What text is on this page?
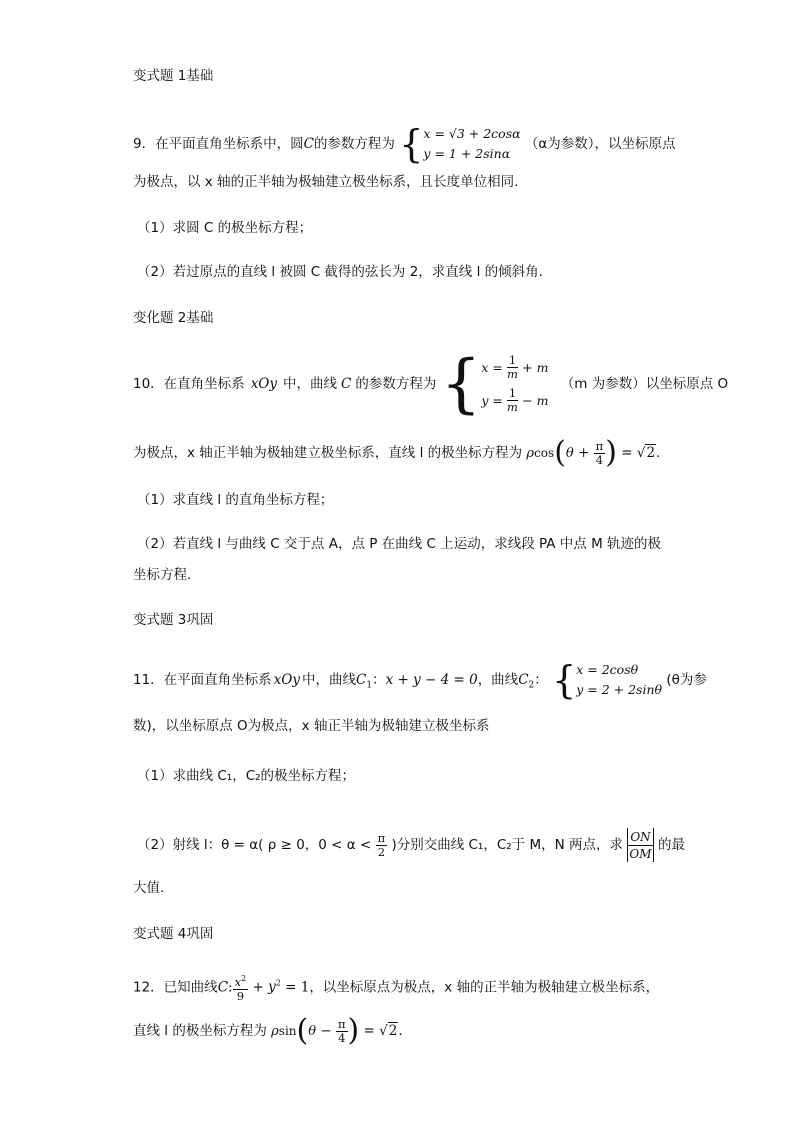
变式题 1基础
9．在平面直角坐标系中，圆C的参数方程为 { x = √3 + 2cosα
y = 1 + 2sinα
（α为参数），以坐标原点
为极点，以 x 轴的正半轴为极轴建立极坐标系，且长度单位相同.
（1）求圆 C 的极坐标方程；
（2）若过原点的直线 l 被圆 C 截得的弦长为 2，求直线 l 的倾斜角.
变化题 2基础
10．在直角坐标系 xOy 中，曲线 C 的参数方程为 { $x = \frac{1}{m} + m$
$y = \frac{1}{m} - m$
（m 为参数）以坐标原点 O
为极点，x 轴正半轴为极轴建立极坐标系，直线 l 的极坐标方程为 $\rho\cos(\theta + \frac{\pi}{4}$ ) = √2.
（1）求直线 l 的直角坐标方程；
（2）若直线 l 与曲线 C 交于点 A，点 P 在曲线 C 上运动，求线段 PA 中点 M 轨迹的极
坐标方程.
变式题 3巩固
11．在平面直角坐标系 xOy 中，曲线$C_1$：x + y − 4 = 0，曲线$C_2$： { x = 2cosθ
y = 2 + 2sinθ
(θ为参
数)，以坐标原点 O为极点，x 轴正半轴为极轴建立极坐标系
（1）求曲线 C₁，C₂的极坐标方程；
（2）射线 l：θ = α( ρ ≥ 0，$0 < \alpha < \frac{\pi}{2}$ )分别交曲线 C₁，C₂于 M，N 两点，求 $\frac{ON}{OM}$ 的最
大值.
变式题 4巩固
12．已知曲线C: $\frac{x^2}{9} + y^2 = 1$，以坐标原点为极点，x 轴的正半轴为极轴建立极坐标系，
直线 l 的极坐标方程为 $\rho\sin(\theta - \frac{\pi}{4}$ ) = √2.
